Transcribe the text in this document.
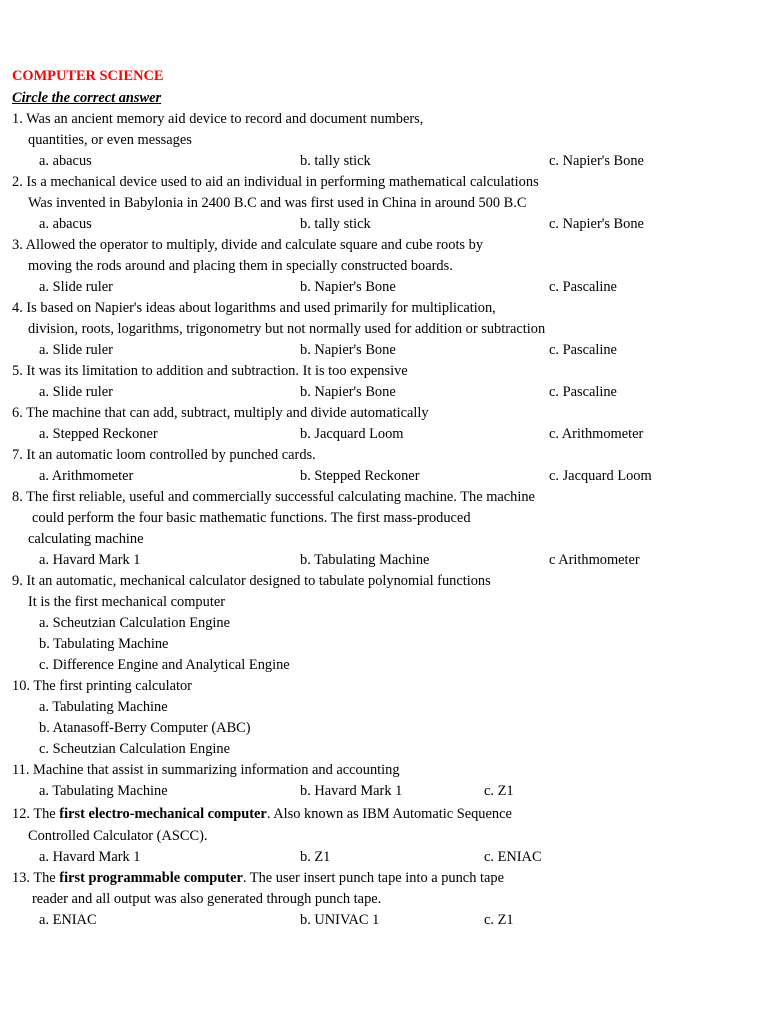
COMPUTER SCIENCE
Circle the correct answer
1. Was an ancient memory aid device to record and document numbers,
quantities, or even messages
a. abacus	b. tally stick	c. Napier's Bone
2. Is a mechanical device used to aid an individual in performing mathematical calculations
Was invented in Babylonia in 2400 B.C and was first used in China in around 500 B.C
a. abacus	b. tally stick	c. Napier's Bone
3. Allowed the operator to multiply, divide and calculate square and cube roots by
moving the rods around and placing them in specially constructed boards.
a. Slide ruler	b. Napier's Bone	c. Pascaline
4. Is based on Napier's ideas about logarithms and used primarily for multiplication,
division, roots, logarithms, trigonometry but not normally used for addition or subtraction
a. Slide ruler	b. Napier's Bone	c. Pascaline
5. It was its limitation to addition and subtraction. It is too expensive
a. Slide ruler	b. Napier's Bone	c. Pascaline
6. The machine that can add, subtract, multiply and divide automatically
a. Stepped Reckoner	b. Jacquard Loom	c. Arithmometer
7. It an automatic loom controlled by punched cards.
a. Arithmometer	b. Stepped Reckoner	c. Jacquard Loom
8. The first reliable, useful and commercially successful calculating machine. The machine
could perform the four basic mathematic functions. The first mass-produced
calculating machine
a. Havard Mark 1	b. Tabulating Machine	c Arithmometer
9. It an automatic, mechanical calculator designed to tabulate polynomial functions
It is the first mechanical computer
a. Scheutzian Calculation Engine
b. Tabulating Machine
c. Difference Engine and Analytical Engine
10. The first printing calculator
a. Tabulating Machine
b. Atanasoff-Berry Computer (ABC)
c. Scheutzian Calculation Engine
11. Machine that assist in summarizing information and accounting
a. Tabulating Machine	b. Havard Mark 1	c. Z1
12. The first electro-mechanical computer. Also known as IBM Automatic Sequence
Controlled Calculator (ASCC).
a. Havard Mark 1	b. Z1	c. ENIAC
13. The first programmable computer. The user insert punch tape into a punch tape
reader and all output was also generated through punch tape.
a. ENIAC	b. UNIVAC 1	c. Z1
